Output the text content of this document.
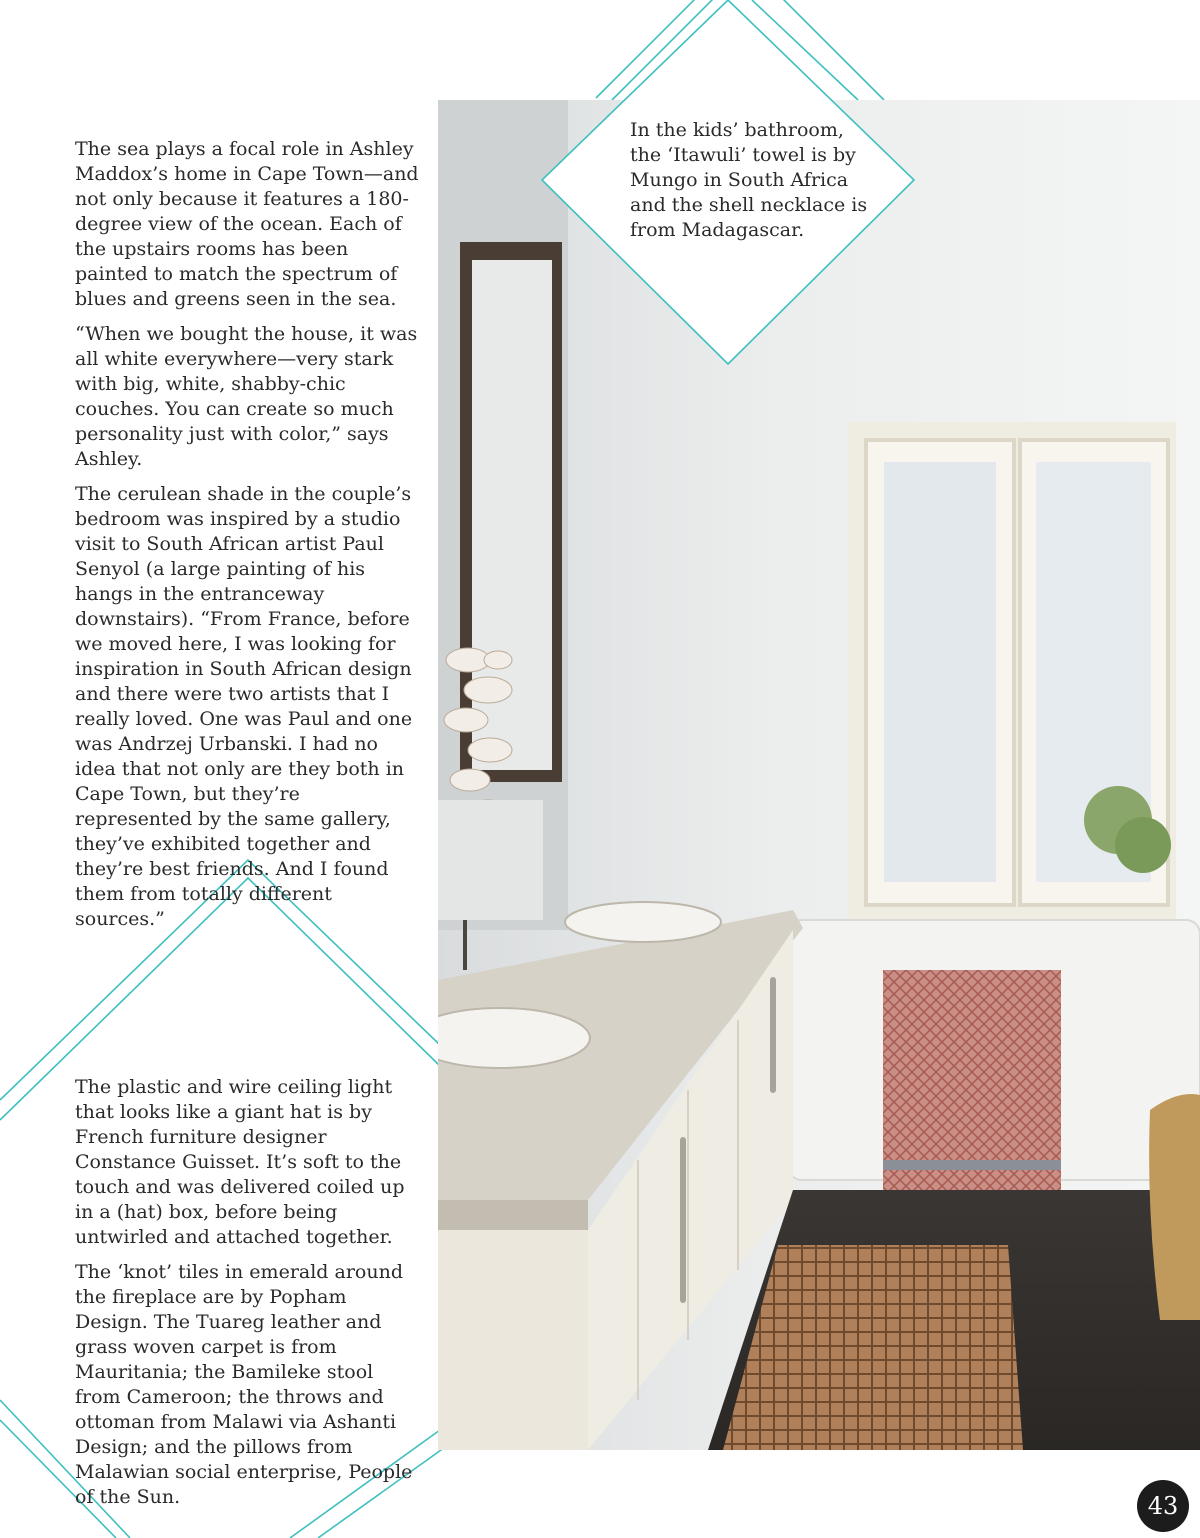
In the kids’ bathroom, the ‘Itawuli’ towel is by Mungo in South Africa and the shell necklace is from Madagascar.

The sea plays a focal role in Ashley Maddox’s home in Cape Town—and not only because it features a 180-degree view of the ocean. Each of the upstairs rooms has been painted to match the spectrum of blues and greens seen in the sea.

“When we bought the house, it was all white everywhere—very stark with big, white, shabby-chic couches. You can create so much personality just with color,” says Ashley.

The cerulean shade in the couple’s bedroom was inspired by a studio visit to South African artist Paul Senyol (a large painting of his hangs in the entranceway downstairs). “From France, before we moved here, I was looking for inspiration in South African design and there were two artists that I really loved. One was Paul and one was Andrzej Urbanski. I had no idea that not only are they both in Cape Town, but they’re represented by the same gallery, they’ve exhibited together and they’re best friends. And I found them from totally different sources.”

The plastic and wire ceiling light that looks like a giant hat is by French furniture designer Constance Guisset. It’s soft to the touch and was delivered coiled up in a (hat) box, before being untwirled and attached together.

The ‘knot’ tiles in emerald around the fireplace are by Popham Design. The Tuareg leather and grass woven carpet is from Mauritania; the Bamileke stool from Cameroon; the throws and ottoman from Malawi via Ashanti Design; and the pillows from Malawian social enterprise, People of the Sun.	43
